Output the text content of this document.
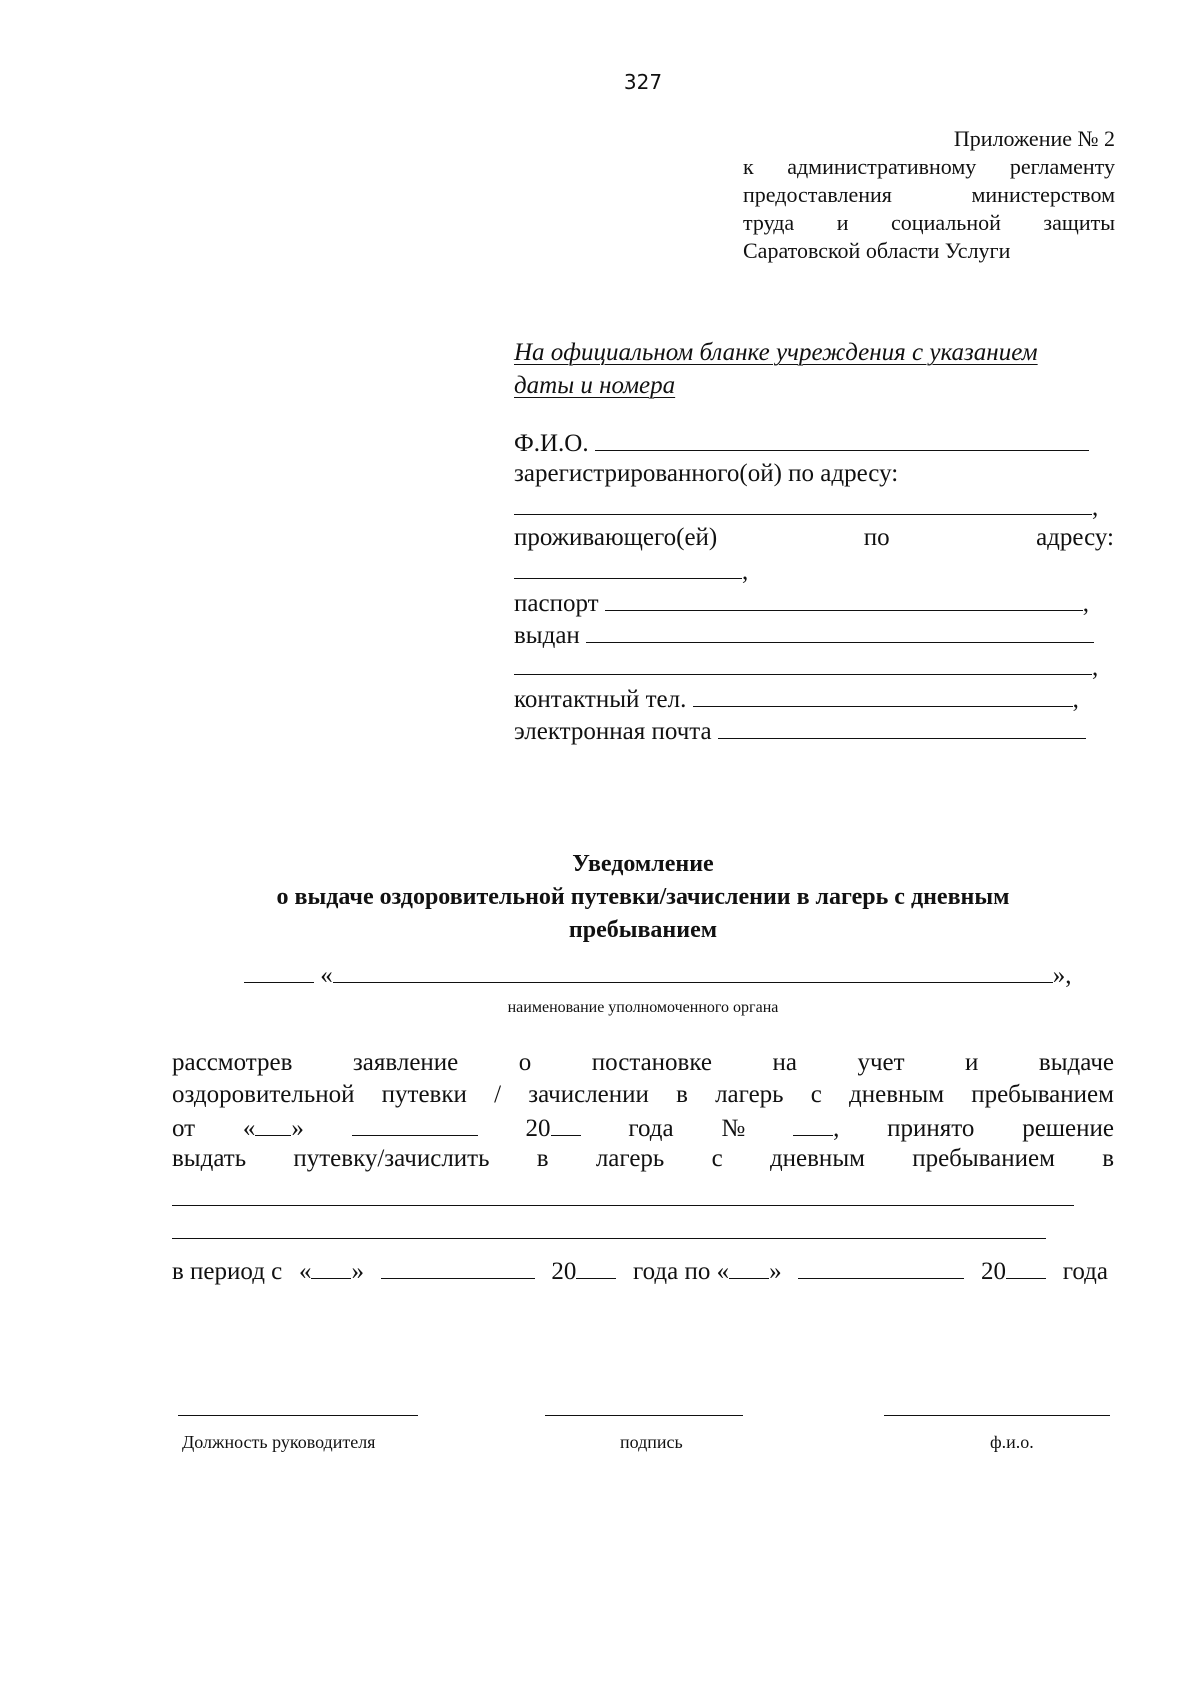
327
Приложение № 2
к административному регламенту
предоставления	министерством
труда и социальной защиты
Саратовской области Услуги
На официальном бланке учреждения с указанием
даты и номера
Ф.И.О.
зарегистрированного(ой) по адресу:
,
проживающего(ей)	по	адресу:
,
паспорт	,
выдан
,
контактный тел.	,
электронная почта
Уведомление
о выдаче оздоровительной путевки/зачислении в лагерь с дневным
пребыванием
«	»,
наименование уполномоченного органа
рассмотрев заявление о постановке на учет и выдаче
оздоровительной путевки / зачислении в лагерь с дневным пребыванием
от « »	20	года №	, принято решение
выдать путевку/зачислить в лагерь с дневным пребыванием в
в период с « »	20	года по « »	20	года
Должность руководителя	подпись	ф.и.о.
